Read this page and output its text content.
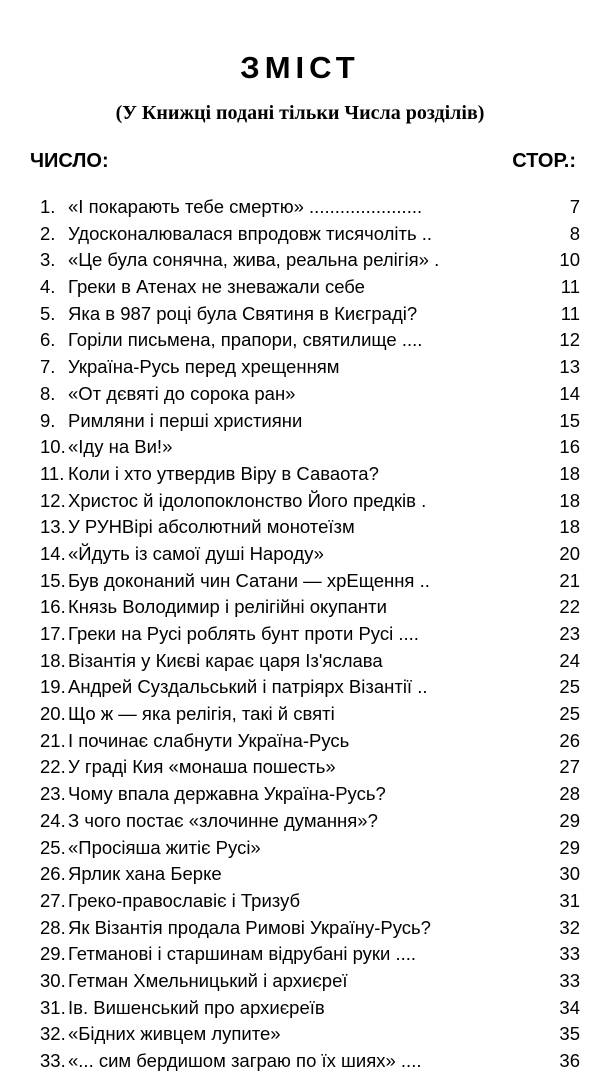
ЗМІСТ
(У Книжці подані тільки Числа розділів)
ЧИСЛО:	СТОР.:
1. «І покарають тебе смертю» ......................	7
2. Удосконалювалася впродовж тисячоліть ..	8
3. «Це була сонячна, жива, реальна релігія» .	10
4. Греки в Атенах не зневажали себе	11
5. Яка в 987 році була Святиня в Києграді?	11
6. Горіли письмена, прапори, святилище ....	12
7. Україна-Русь перед хрещенням	13
8. «От дєвяті до сорока ран»	14
9. Римляни і перші християни	15
10. «Іду на Ви!»	16
11. Коли і хто утвердив Віру в Саваота?	18
12. Христос й ідолопоклонство Його предків .	18
13. У РУНВірі абсолютний монотеїзм	18
14. «Йдуть із самої душі Народу»	20
15. Був доконаний чин Сатани — хрЕщення ..	21
16. Князь Володимир і релігійні окупанти	22
17. Греки на Русі роблять бунт проти Русі ....	23
18. Візантія у Києві карає царя Із'яслава	24
19. Андрей Суздальський і патріярх Візантії ..	25
20. Що ж — яка релігія, такі й святі	25
21. І починає слабнути Україна-Русь	26
22. У граді Кия «монаша пошесть»	27
23. Чому впала державна Україна-Русь?	28
24. З чого постає «злочинне думання»?	29
25. «Просіяша житіє Русі»	29
26. Ярлик хана Берке	30
27. Греко-православіє і Тризуб	31
28. Як Візантія продала Римові Україну-Русь?	32
29. Гетманові і старшинам відрубані руки ....	33
30. Гетман Хмельницький і архиєреї	33
31. Ів. Вишенський про архиєреїв	34
32. «Бідних живцем лупите»	35
33. «... сим бердишом заграю по їх шиях» ....	36
